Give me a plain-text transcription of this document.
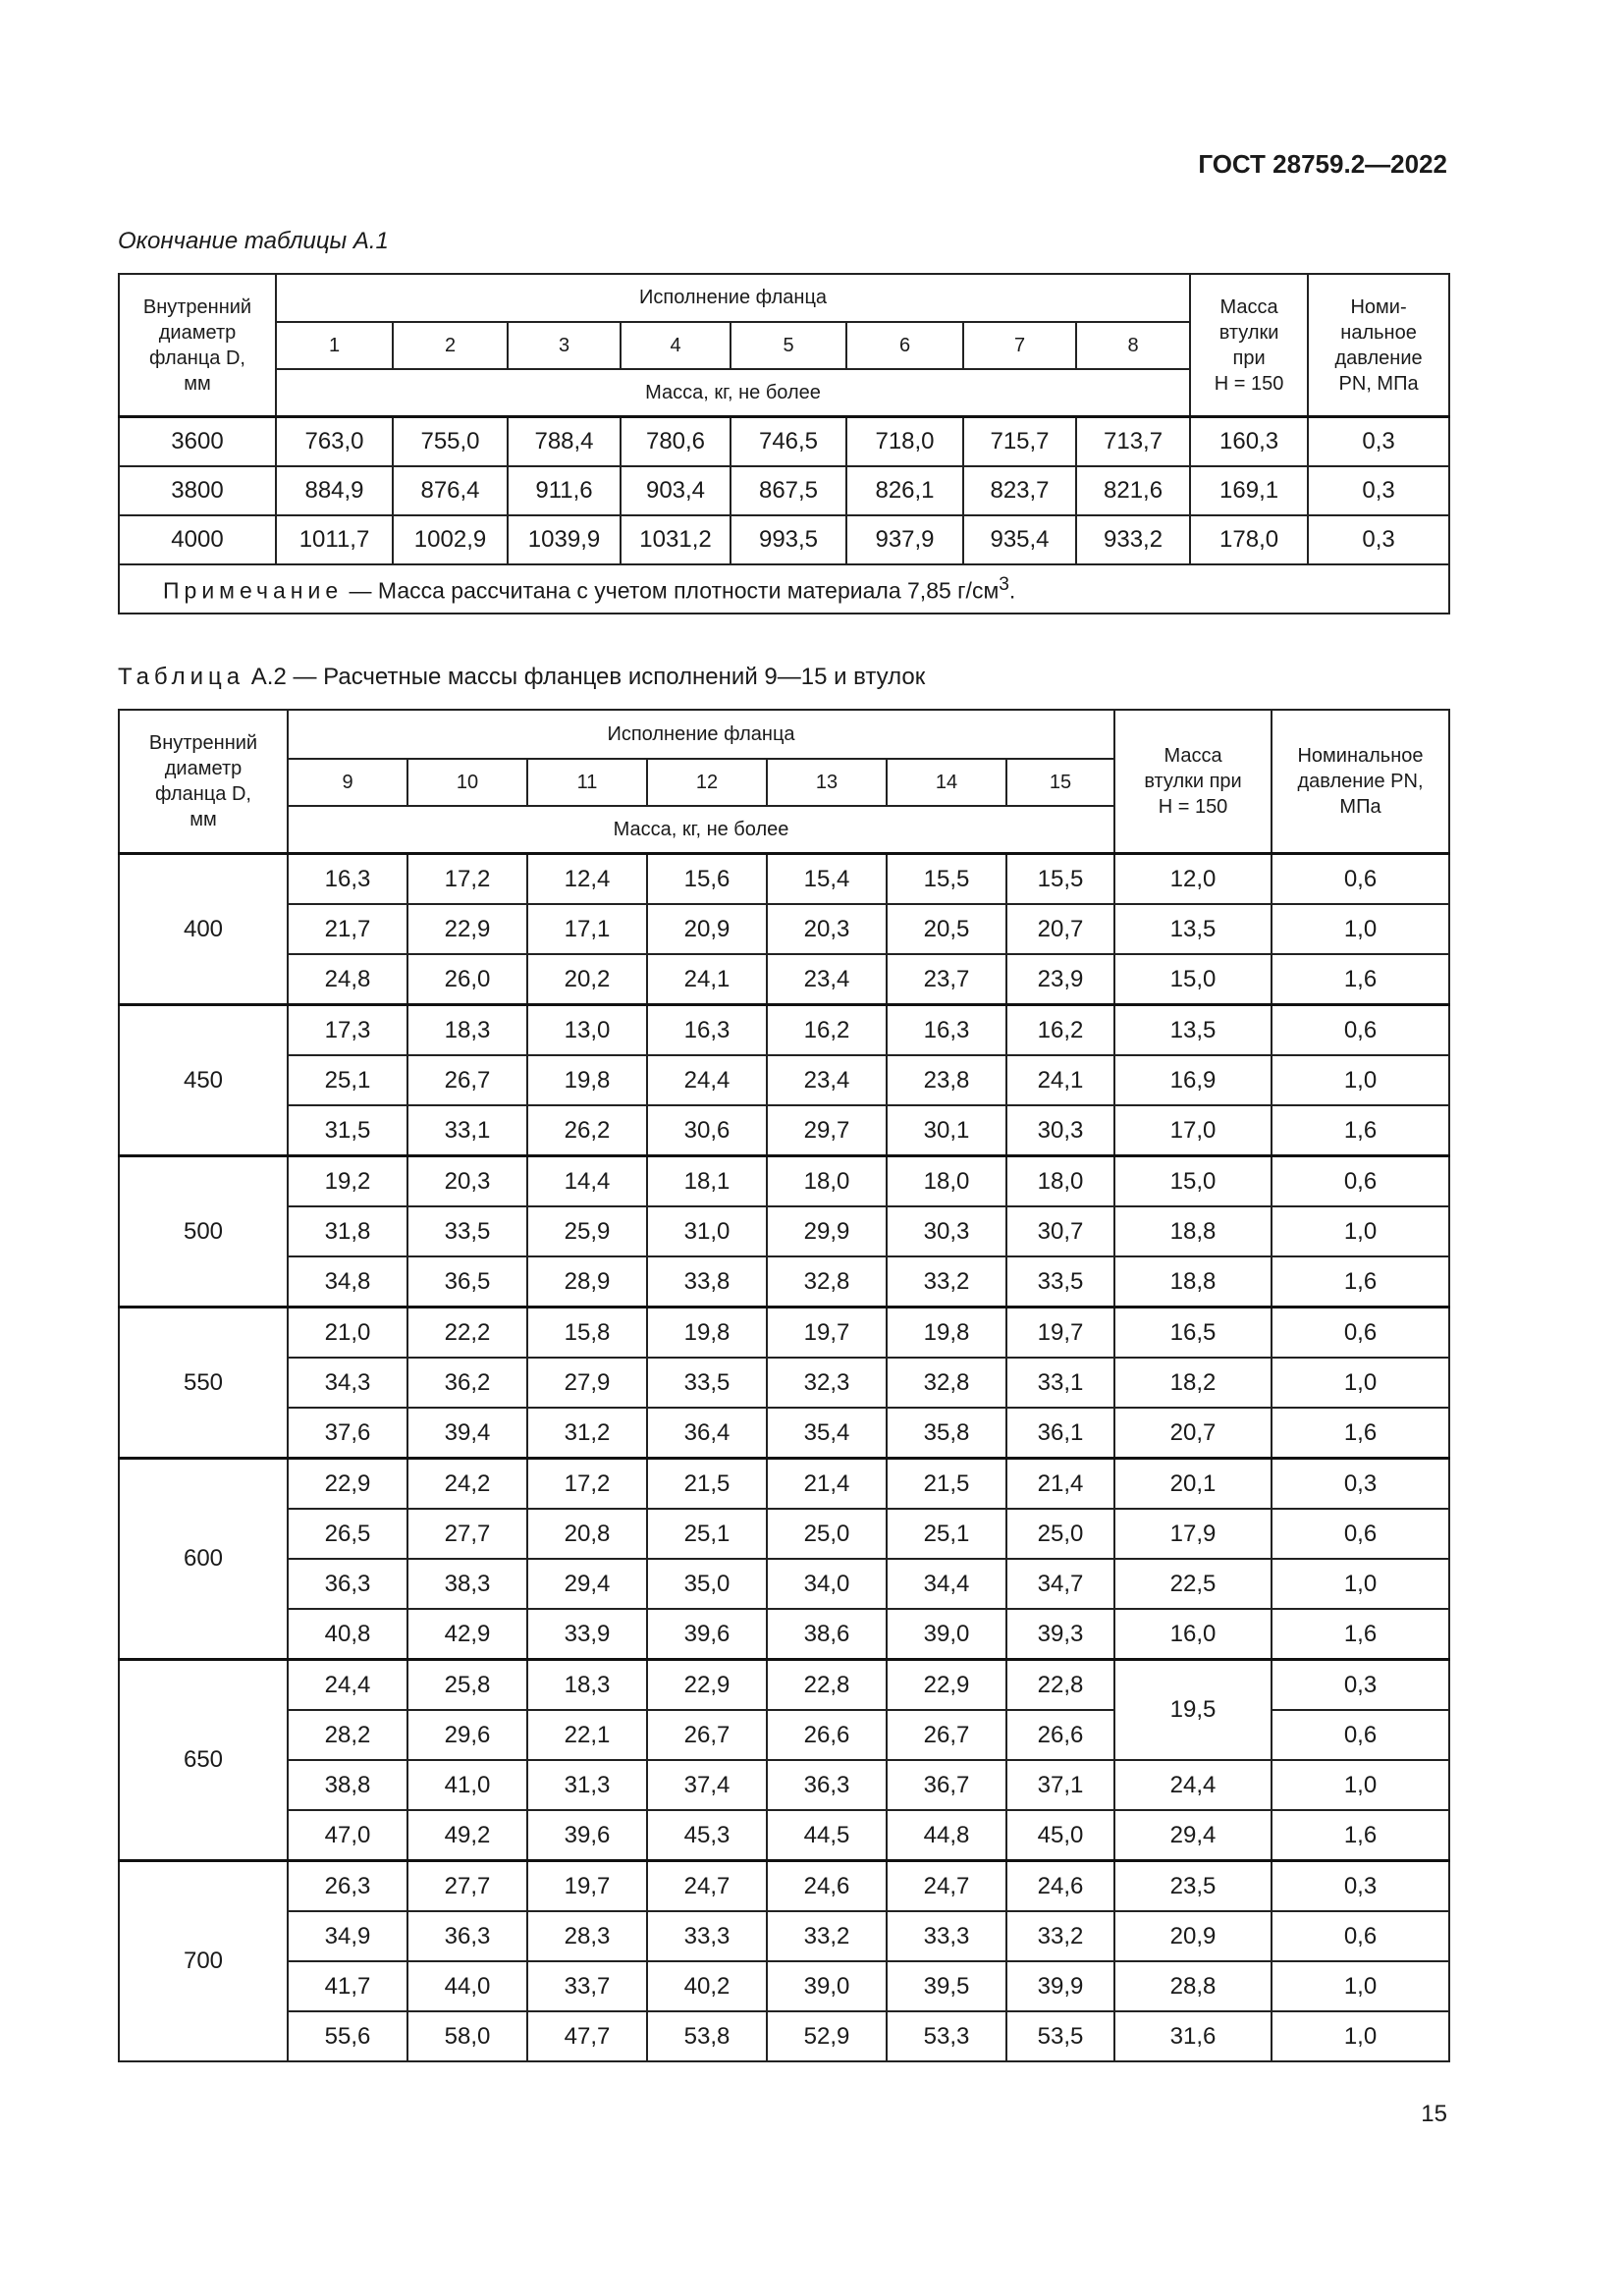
ГОСТ 28759.2—2022
Окончание таблицы А.1
Внутренний
диаметр
фланца D,
мм	Исполнение фланца								Масса
втулки
при
H = 150	Номи-
нальное
давление
PN, МПа
	1	2	3	4	5	6	7	8		
	Масса, кг, не более									
3600	763,0	755,0	788,4	780,6	746,5	718,0	715,7	713,7	160,3	0,3
3800	884,9	876,4	911,6	903,4	867,5	826,1	823,7	821,6	169,1	0,3
4000	1011,7	1002,9	1039,9	1031,2	993,5	937,9	935,4	933,2	178,0	0,3
Примечание — Масса рассчитана с учетом плотности материала 7,85 $г/см^3$.										
Таблица А.2 — Расчетные массы фланцев исполнений 9—15 и втулок
Внутренний
диаметр
фланца D,
мм	Исполнение фланца							Масса
втулки при
H = 150	Номинальное
давление PN,
МПа
	9	10	11	12	13	14	15		
	Масса, кг, не более								
400	16,3	17,2	12,4	15,6	15,4	15,5	15,5	12,0	0,6
	21,7	22,9	17,1	20,9	20,3	20,5	20,7	13,5	1,0
	24,8	26,0	20,2	24,1	23,4	23,7	23,9	15,0	1,6
450	17,3	18,3	13,0	16,3	16,2	16,3	16,2	13,5	0,6
	25,1	26,7	19,8	24,4	23,4	23,8	24,1	16,9	1,0
	31,5	33,1	26,2	30,6	29,7	30,1	30,3	17,0	1,6
500	19,2	20,3	14,4	18,1	18,0	18,0	18,0	15,0	0,6
	31,8	33,5	25,9	31,0	29,9	30,3	30,7	18,8	1,0
	34,8	36,5	28,9	33,8	32,8	33,2	33,5	18,8	1,6
550	21,0	22,2	15,8	19,8	19,7	19,8	19,7	16,5	0,6
	34,3	36,2	27,9	33,5	32,3	32,8	33,1	18,2	1,0
	37,6	39,4	31,2	36,4	35,4	35,8	36,1	20,7	1,6
600	22,9	24,2	17,2	21,5	21,4	21,5	21,4	20,1	0,3
	26,5	27,7	20,8	25,1	25,0	25,1	25,0	17,9	0,6
	36,3	38,3	29,4	35,0	34,0	34,4	34,7	22,5	1,0
	40,8	42,9	33,9	39,6	38,6	39,0	39,3	16,0	1,6
650	24,4	25,8	18,3	22,9	22,8	22,9	22,8	19,5	0,3
	28,2	29,6	22,1	26,7	26,6	26,7	26,6		0,6
	38,8	41,0	31,3	37,4	36,3	36,7	37,1	24,4	1,0
	47,0	49,2	39,6	45,3	44,5	44,8	45,0	29,4	1,6
700	26,3	27,7	19,7	24,7	24,6	24,7	24,6	23,5	0,3
	34,9	36,3	28,3	33,3	33,2	33,3	33,2	20,9	0,6
	41,7	44,0	33,7	40,2	39,0	39,5	39,9	28,8	1,0
	55,6	58,0	47,7	53,8	52,9	53,3	53,5	31,6	1,0
15
